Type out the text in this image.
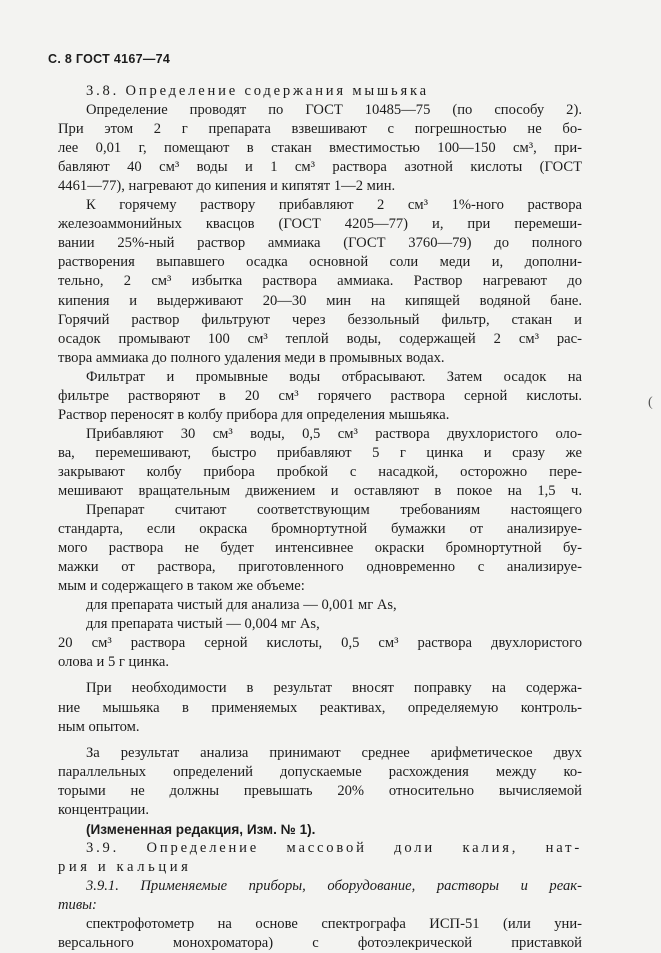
С. 8 ГОСТ 4167—74

3.8. Определение содержания мышьяка

Определение проводят по ГОСТ 10485—75 (по способу 2).

При этом 2 г препарата взвешивают с погрешностью не бо-

лее 0,01 г, помещают в стакан вместимостью 100—150 см³, при-

бавляют 40 см³ воды и 1 см³ раствора азотной кислоты (ГОСТ

4461—77), нагревают до кипения и кипятят 1—2 мин.

К горячему раствору прибавляют 2 см³ 1%-ного раствора

железоаммонийных квасцов (ГОСТ 4205—77) и, при перемеши-

вании 25%-ный раствор аммиака (ГОСТ 3760—79) до полного

растворения выпавшего осадка основной соли меди и, дополни-

тельно, 2 см³ избытка раствора аммиака. Раствор нагревают до

кипения и выдерживают 20—30 мин на кипящей водяной бане.

Горячий раствор фильтруют через беззольный фильтр, стакан и

осадок промывают 100 см³ теплой воды, содержащей 2 см³ рас-

твора аммиака до полного удаления меди в промывных водах.

Фильтрат и промывные воды отбрасывают. Затем осадок на

фильтре растворяют в 20 см³ горячего раствора серной кислоты.

Раствор переносят в колбу прибора для определения мышьяка.

Прибавляют 30 см³ воды, 0,5 см³ раствора двухлористого оло-

ва, перемешивают, быстро прибавляют 5 г цинка и сразу же

закрывают колбу прибора пробкой с насадкой, осторожно пере-

мешивают вращательным движением и оставляют в покое на 1,5 ч.

Препарат считают соответствующим требованиям настоящего

стандарта, если окраска бромнортутной бумажки от анализируе-

мого раствора не будет интенсивнее окраски бромнортутной бу-

мажки от раствора, приготовленного одновременно с анализируе-

мым и содержащего в таком же объеме:

для препарата чистый для анализа — 0,001 мг As,

для препарата чистый — 0,004 мг As,

20 см³ раствора серной кислоты, 0,5 см³ раствора двухлористого

олова и 5 г цинка.

При необходимости в результат вносят поправку на содержа-

ние мышьяка в применяемых реактивах, определяемую контроль-

ным опытом.

За результат анализа принимают среднее арифметическое двух

параллельных определений допускаемые расхождения между ко-

торыми не должны превышать 20% относительно вычисляемой

концентрации.

(Измененная редакция, Изм. № 1).

3.9. Определение массовой доли калия, нат-

рия и кальция

3.9.1. Применяемые приборы, оборудование, растворы и реак-

тивы:

спектрофотометр на основе спектрографа ИСП-51 (или уни-

версального монохроматора) с фотоэлекрической приставкой

(
